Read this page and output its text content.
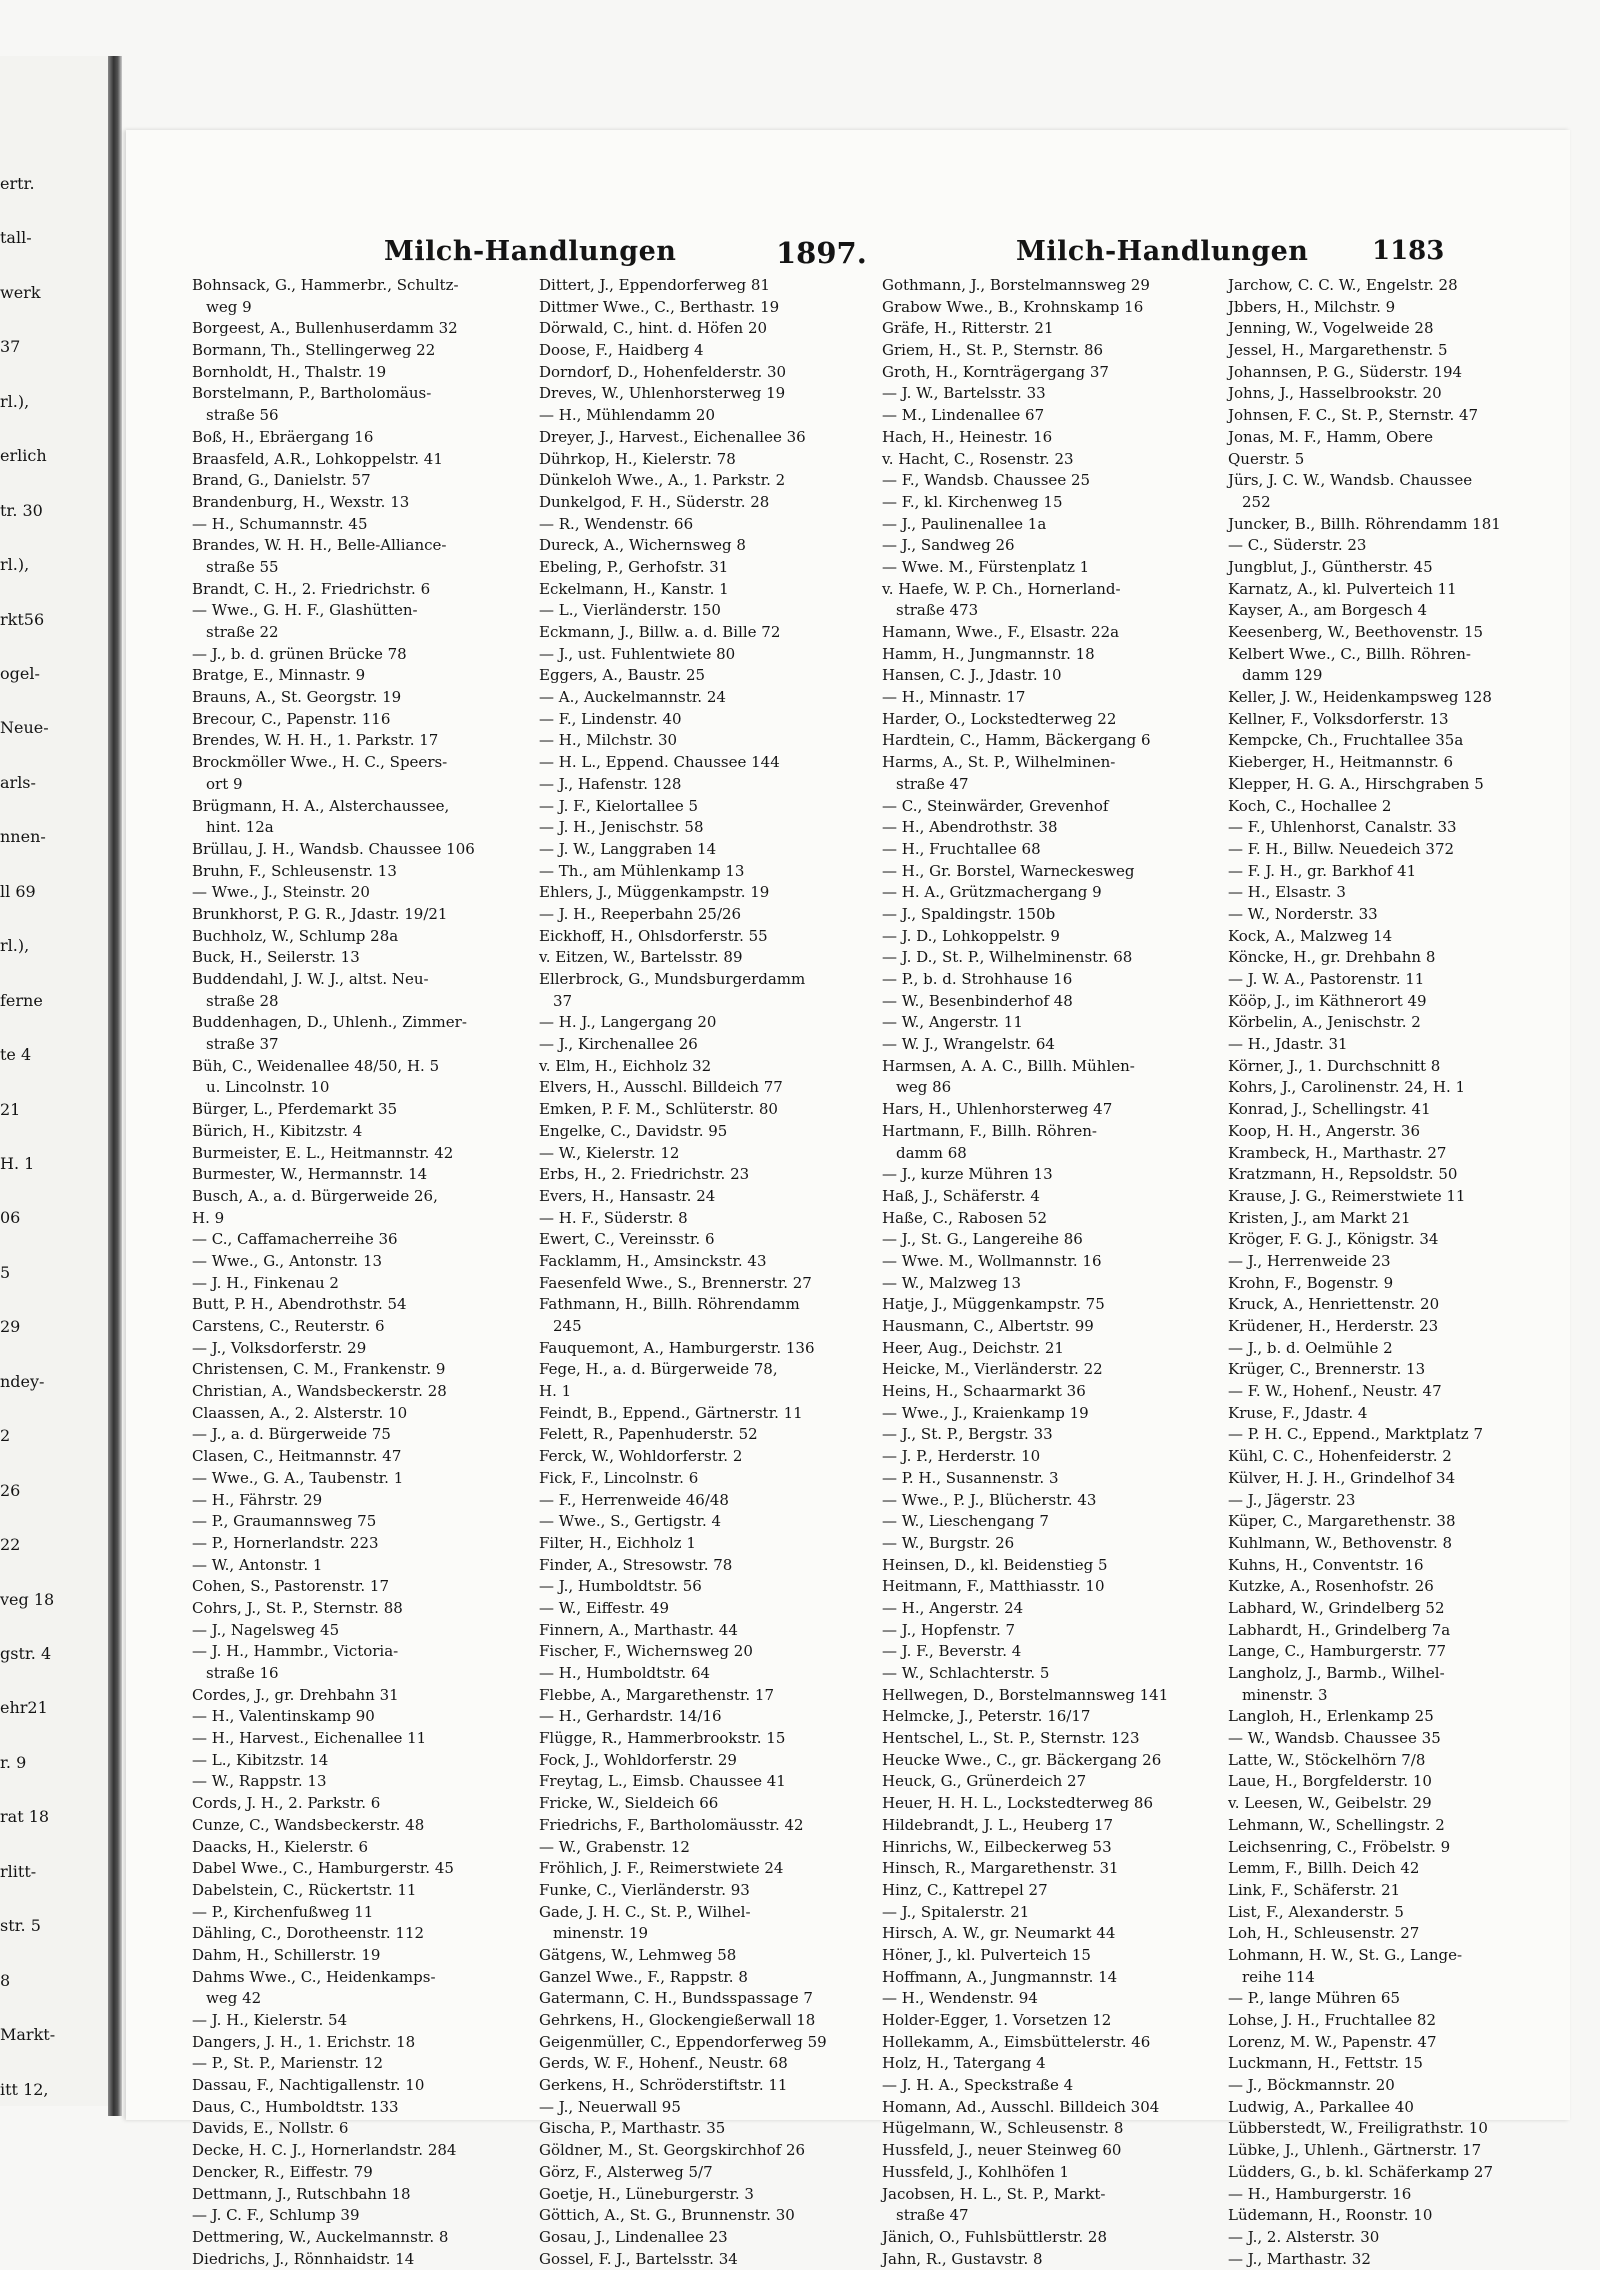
ertr.
tall-
werk
37
rl.),
erlich
tr. 30
rl.),
rkt56
ogel-
Neue-
arls-
nnen-
ll 69
rl.),
ferne
te 4
21
H. 1
06
5
29
ndey-
2
26
22
veg 18
gstr. 4
ehr21
r. 9
rat 18
rlitt-
str. 5
8
Markt-
itt 12,
Milch-Handlungen	1897.	Milch-Handlungen 1183
Bohnsack, G., Hammerbr., Schultz-
weg 9
Borgeest, A., Bullenhuserdamm 32
Bormann, Th., Stellingerweg 22
Bornholdt, H., Thalstr. 19
Borstelmann, P., Bartholomäus-
straße 56
Boß, H., Ebräergang 16
Braasfeld, A.R., Lohkoppelstr. 41
Brand, G., Danielstr. 57
Brandenburg, H., Wexstr. 13
— H., Schumannstr. 45
Brandes, W. H. H., Belle-Alliance-
straße 55
Brandt, C. H., 2. Friedrichstr. 6
— Wwe., G. H. F., Glashütten-
straße 22
— J., b. d. grünen Brücke 78
Bratge, E., Minnastr. 9
Brauns, A., St. Georgstr. 19
Brecour, C., Papenstr. 116
Brendes, W. H. H., 1. Parkstr. 17
Brockmöller Wwe., H. C., Speers-
ort 9
Brügmann, H. A., Alsterchaussee,
hint. 12a
Brüllau, J. H., Wandsb. Chaussee 106
Bruhn, F., Schleusenstr. 13
— Wwe., J., Steinstr. 20
Brunkhorst, P. G. R., Jdastr. 19/21
Buchholz, W., Schlump 28a
Buck, H., Seilerstr. 13
Buddendahl, J. W. J., altst. Neu-
straße 28
Buddenhagen, D., Uhlenh., Zimmer-
straße 37
Büh, C., Weidenallee 48/50, H. 5
u. Lincolnstr. 10
Bürger, L., Pferdemarkt 35
Bürich, H., Kibitzstr. 4
Burmeister, E. L., Heitmannstr. 42
Burmester, W., Hermannstr. 14
Busch, A., a. d. Bürgerweide 26,
H. 9
— C., Caffamacherreihe 36
— Wwe., G., Antonstr. 13
— J. H., Finkenau 2
Butt, P. H., Abendrothstr. 54
Carstens, C., Reuterstr. 6
— J., Volksdorferstr. 29
Christensen, C. M., Frankenstr. 9
Christian, A., Wandsbeckerstr. 28
Claassen, A., 2. Alsterstr. 10
— J., a. d. Bürgerweide 75
Clasen, C., Heitmannstr. 47
— Wwe., G. A., Taubenstr. 1
— H., Fährstr. 29
— P., Graumannsweg 75
— P., Hornerlandstr. 223
— W., Antonstr. 1
Cohen, S., Pastorenstr. 17
Cohrs, J., St. P., Sternstr. 88
— J., Nagelsweg 45
— J. H., Hammbr., Victoria-
straße 16
Cordes, J., gr. Drehbahn 31
— H., Valentinskamp 90
— H., Harvest., Eichenallee 11
— L., Kibitzstr. 14
— W., Rappstr. 13
Cords, J. H., 2. Parkstr. 6
Cunze, C., Wandsbeckerstr. 48
Daacks, H., Kielerstr. 6
Dabel Wwe., C., Hamburgerstr. 45
Dabelstein, C., Rückertstr. 11
— P., Kirchenfußweg 11
Dähling, C., Dorotheenstr. 112
Dahm, H., Schillerstr. 19
Dahms Wwe., C., Heidenkamps-
weg 42
— J. H., Kielerstr. 54
Dangers, J. H., 1. Erichstr. 18
— P., St. P., Marienstr. 12
Dassau, F., Nachtigallenstr. 10
Daus, C., Humboldtstr. 133
Davids, E., Nollstr. 6
Decke, H. C. J., Hornerlandstr. 284
Dencker, R., Eiffestr. 79
Dettmann, J., Rutschbahn 18
— J. C. F., Schlump 39
Dettmering, W., Auckelmannstr. 8
Diedrichs, J., Rönnhaidstr. 14
Dittert, J., Eppendorferweg 81
Dittmer Wwe., C., Berthastr. 19
Dörwald, C., hint. d. Höfen 20
Doose, F., Haidberg 4
Dorndorf, D., Hohenfelderstr. 30
Dreves, W., Uhlenhorsterweg 19
— H., Mühlendamm 20
Dreyer, J., Harvest., Eichenallee 36
Dührkop, H., Kielerstr. 78
Dünkeloh Wwe., A., 1. Parkstr. 2
Dunkelgod, F. H., Süderstr. 28
— R., Wendenstr. 66
Dureck, A., Wichernsweg 8
Ebeling, P., Gerhofstr. 31
Eckelmann, H., Kanstr. 1
— L., Vierländerstr. 150
Eckmann, J., Billw. a. d. Bille 72
— J., ust. Fuhlentwiete 80
Eggers, A., Baustr. 25
— A., Auckelmannstr. 24
— F., Lindenstr. 40
— H., Milchstr. 30
— H. L., Eppend. Chaussee 144
— J., Hafenstr. 128
— J. F., Kielortallee 5
— J. H., Jenischstr. 58
— J. W., Langgraben 14
— Th., am Mühlenkamp 13
Ehlers, J., Müggenkampstr. 19
— J. H., Reeperbahn 25/26
Eickhoff, H., Ohlsdorferstr. 55
v. Eitzen, W., Bartelsstr. 89
Ellerbrock, G., Mundsburgerdamm
37
— H. J., Langergang 20
— J., Kirchenallee 26
v. Elm, H., Eichholz 32
Elvers, H., Ausschl. Billdeich 77
Emken, P. F. M., Schlüterstr. 80
Engelke, C., Davidstr. 95
— W., Kielerstr. 12
Erbs, H., 2. Friedrichstr. 23
Evers, H., Hansastr. 24
— H. F., Süderstr. 8
Ewert, C., Vereinsstr. 6
Facklamm, H., Amsinckstr. 43
Faesenfeld Wwe., S., Brennerstr. 27
Fathmann, H., Billh. Röhrendamm
245
Fauquemont, A., Hamburgerstr. 136
Fege, H., a. d. Bürgerweide 78,
H. 1
Feindt, B., Eppend., Gärtnerstr. 11
Felett, R., Papenhuderstr. 52
Ferck, W., Wohldorferstr. 2
Fick, F., Lincolnstr. 6
— F., Herrenweide 46/48
— Wwe., S., Gertigstr. 4
Filter, H., Eichholz 1
Finder, A., Stresowstr. 78
— J., Humboldtstr. 56
— W., Eiffestr. 49
Finnern, A., Marthastr. 44
Fischer, F., Wichernsweg 20
— H., Humboldtstr. 64
Flebbe, A., Margarethenstr. 17
— H., Gerhardstr. 14/16
Flügge, R., Hammerbrookstr. 15
Fock, J., Wohldorferstr. 29
Freytag, L., Eimsb. Chaussee 41
Fricke, W., Sieldeich 66
Friedrichs, F., Bartholomäusstr. 42
— W., Grabenstr. 12
Fröhlich, J. F., Reimerstwiete 24
Funke, C., Vierländerstr. 93
Gade, J. H. C., St. P., Wilhel-
minenstr. 19
Gätgens, W., Lehmweg 58
Ganzel Wwe., F., Rappstr. 8
Gatermann, C. H., Bundsspassage 7
Gehrkens, H., Glockengießerwall 18
Geigenmüller, C., Eppendorferweg 59
Gerds, W. F., Hohenf., Neustr. 68
Gerkens, H., Schröderstiftstr. 11
— J., Neuerwall 95
Gischa, P., Marthastr. 35
Göldner, M., St. Georgskirchhof 26
Görz, F., Alsterweg 5/7
Goetje, H., Lüneburgerstr. 3
Göttich, A., St. G., Brunnenstr. 30
Gosau, J., Lindenallee 23
Gossel, F. J., Bartelsstr. 34
Gothmann, J., Borstelmannsweg 29
Grabow Wwe., B., Krohnskamp 16
Gräfe, H., Ritterstr. 21
Griem, H., St. P., Sternstr. 86
Groth, H., Kornträgergang 37
— J. W., Bartelsstr. 33
— M., Lindenallee 67
Hach, H., Heinestr. 16
v. Hacht, C., Rosenstr. 23
— F., Wandsb. Chaussee 25
— F., kl. Kirchenweg 15
— J., Paulinenallee 1a
— J., Sandweg 26
— Wwe. M., Fürstenplatz 1
v. Haefe, W. P. Ch., Hornerland-
straße 473
Hamann, Wwe., F., Elsastr. 22a
Hamm, H., Jungmannstr. 18
Hansen, C. J., Jdastr. 10
— H., Minnastr. 17
Harder, O., Lockstedterweg 22
Hardtein, C., Hamm, Bäckergang 6
Harms, A., St. P., Wilhelminen-
straße 47
— C., Steinwärder, Grevenhof
— H., Abendrothstr. 38
— H., Fruchtallee 68
— H., Gr. Borstel, Warneckesweg
— H. A., Grützmachergang 9
— J., Spaldingstr. 150b
— J. D., Lohkoppelstr. 9
— J. D., St. P., Wilhelminenstr. 68
— P., b. d. Strohhause 16
— W., Besenbinderhof 48
— W., Angerstr. 11
— W. J., Wrangelstr. 64
Harmsen, A. A. C., Billh. Mühlen-
weg 86
Hars, H., Uhlenhorsterweg 47
Hartmann, F., Billh. Röhren-
damm 68
— J., kurze Mühren 13
Haß, J., Schäferstr. 4
Haße, C., Rabosen 52
— J., St. G., Langereihe 86
— Wwe. M., Wollmannstr. 16
— W., Malzweg 13
Hatje, J., Müggenkampstr. 75
Hausmann, C., Albertstr. 99
Heer, Aug., Deichstr. 21
Heicke, M., Vierländerstr. 22
Heins, H., Schaarmarkt 36
— Wwe., J., Kraienkamp 19
— J., St. P., Bergstr. 33
— J. P., Herderstr. 10
— P. H., Susannenstr. 3
— Wwe., P. J., Blücherstr. 43
— W., Lieschengang 7
— W., Burgstr. 26
Heinsen, D., kl. Beidenstieg 5
Heitmann, F., Matthiasstr. 10
— H., Angerstr. 24
— J., Hopfenstr. 7
— J. F., Beverstr. 4
— W., Schlachterstr. 5
Hellwegen, D., Borstelmannsweg 141
Helmcke, J., Peterstr. 16/17
Hentschel, L., St. P., Sternstr. 123
Heucke Wwe., C., gr. Bäckergang 26
Heuck, G., Grünerdeich 27
Heuer, H. H. L., Lockstedterweg 86
Hildebrandt, J. L., Heuberg 17
Hinrichs, W., Eilbeckerweg 53
Hinsch, R., Margarethenstr. 31
Hinz, C., Kattrepel 27
— J., Spitalerstr. 21
Hirsch, A. W., gr. Neumarkt 44
Höner, J., kl. Pulverteich 15
Hoffmann, A., Jungmannstr. 14
— H., Wendenstr. 94
Holder-Egger, 1. Vorsetzen 12
Hollekamm, A., Eimsbüttelerstr. 46
Holz, H., Tatergang 4
— J. H. A., Speckstraße 4
Homann, Ad., Ausschl. Billdeich 304
Hügelmann, W., Schleusenstr. 8
Hussfeld, J., neuer Steinweg 60
Hussfeld, J., Kohlhöfen 1
Jacobsen, H. L., St. P., Markt-
straße 47
Jänich, O., Fuhlsbüttlerstr. 28
Jahn, R., Gustavstr. 8
Jarchow, C. C. W., Engelstr. 28
Jbbers, H., Milchstr. 9
Jenning, W., Vogelweide 28
Jessel, H., Margarethenstr. 5
Johannsen, P. G., Süderstr. 194
Johns, J., Hasselbrookstr. 20
Johnsen, F. C., St. P., Sternstr. 47
Jonas, M. F., Hamm, Obere
Querstr. 5
Jürs, J. C. W., Wandsb. Chaussee
252
Juncker, B., Billh. Röhrendamm 181
— C., Süderstr. 23
Jungblut, J., Güntherstr. 45
Karnatz, A., kl. Pulverteich 11
Kayser, A., am Borgesch 4
Keesenberg, W., Beethovenstr. 15
Kelbert Wwe., C., Billh. Röhren-
damm 129
Keller, J. W., Heidenkampsweg 128
Kellner, F., Volksdorferstr. 13
Kempcke, Ch., Fruchtallee 35a
Kieberger, H., Heitmannstr. 6
Klepper, H. G. A., Hirschgraben 5
Koch, C., Hochallee 2
— F., Uhlenhorst, Canalstr. 33
— F. H., Billw. Neuedeich 372
— F. J. H., gr. Barkhof 41
— H., Elsastr. 3
— W., Norderstr. 33
Kock, A., Malzweg 14
Köncke, H., gr. Drehbahn 8
— J. W. A., Pastorenstr. 11
Kööp, J., im Käthnerort 49
Körbelin, A., Jenischstr. 2
— H., Jdastr. 31
Körner, J., 1. Durchschnitt 8
Kohrs, J., Carolinenstr. 24, H. 1
Konrad, J., Schellingstr. 41
Koop, H. H., Angerstr. 36
Krambeck, H., Marthastr. 27
Kratzmann, H., Repsoldstr. 50
Krause, J. G., Reimerstwiete 11
Kristen, J., am Markt 21
Kröger, F. G. J., Königstr. 34
— J., Herrenweide 23
Krohn, F., Bogenstr. 9
Kruck, A., Henriettenstr. 20
Krüdener, H., Herderstr. 23
— J., b. d. Oelmühle 2
Krüger, C., Brennerstr. 13
— F. W., Hohenf., Neustr. 47
Kruse, F., Jdastr. 4
— P. H. C., Eppend., Marktplatz 7
Kühl, C. C., Hohenfeiderstr. 2
Külver, H. J. H., Grindelhof 34
— J., Jägerstr. 23
Küper, C., Margarethenstr. 38
Kuhlmann, W., Bethovenstr. 8
Kuhns, H., Conventstr. 16
Kutzke, A., Rosenhofstr. 26
Labhard, W., Grindelberg 52
Labhardt, H., Grindelberg 7a
Lange, C., Hamburgerstr. 77
Langholz, J., Barmb., Wilhel-
minenstr. 3
Langloh, H., Erlenkamp 25
— W., Wandsb. Chaussee 35
Latte, W., Stöckelhörn 7/8
Laue, H., Borgfelderstr. 10
v. Leesen, W., Geibelstr. 29
Lehmann, W., Schellingstr. 2
Leichsenring, C., Fröbelstr. 9
Lemm, F., Billh. Deich 42
Link, F., Schäferstr. 21
List, F., Alexanderstr. 5
Loh, H., Schleusenstr. 27
Lohmann, H. W., St. G., Lange-
reihe 114
— P., lange Mühren 65
Lohse, J. H., Fruchtallee 82
Lorenz, M. W., Papenstr. 47
Luckmann, H., Fettstr. 15
— J., Böckmannstr. 20
Ludwig, A., Parkallee 40
Lübberstedt, W., Freiligrathstr. 10
Lübke, J., Uhlenh., Gärtnerstr. 17
Lüdders, G., b. kl. Schäferkamp 27
— H., Hamburgerstr. 16
Lüdemann, H., Roonstr. 10
— J., 2. Alsterstr. 30
— J., Marthastr. 32
